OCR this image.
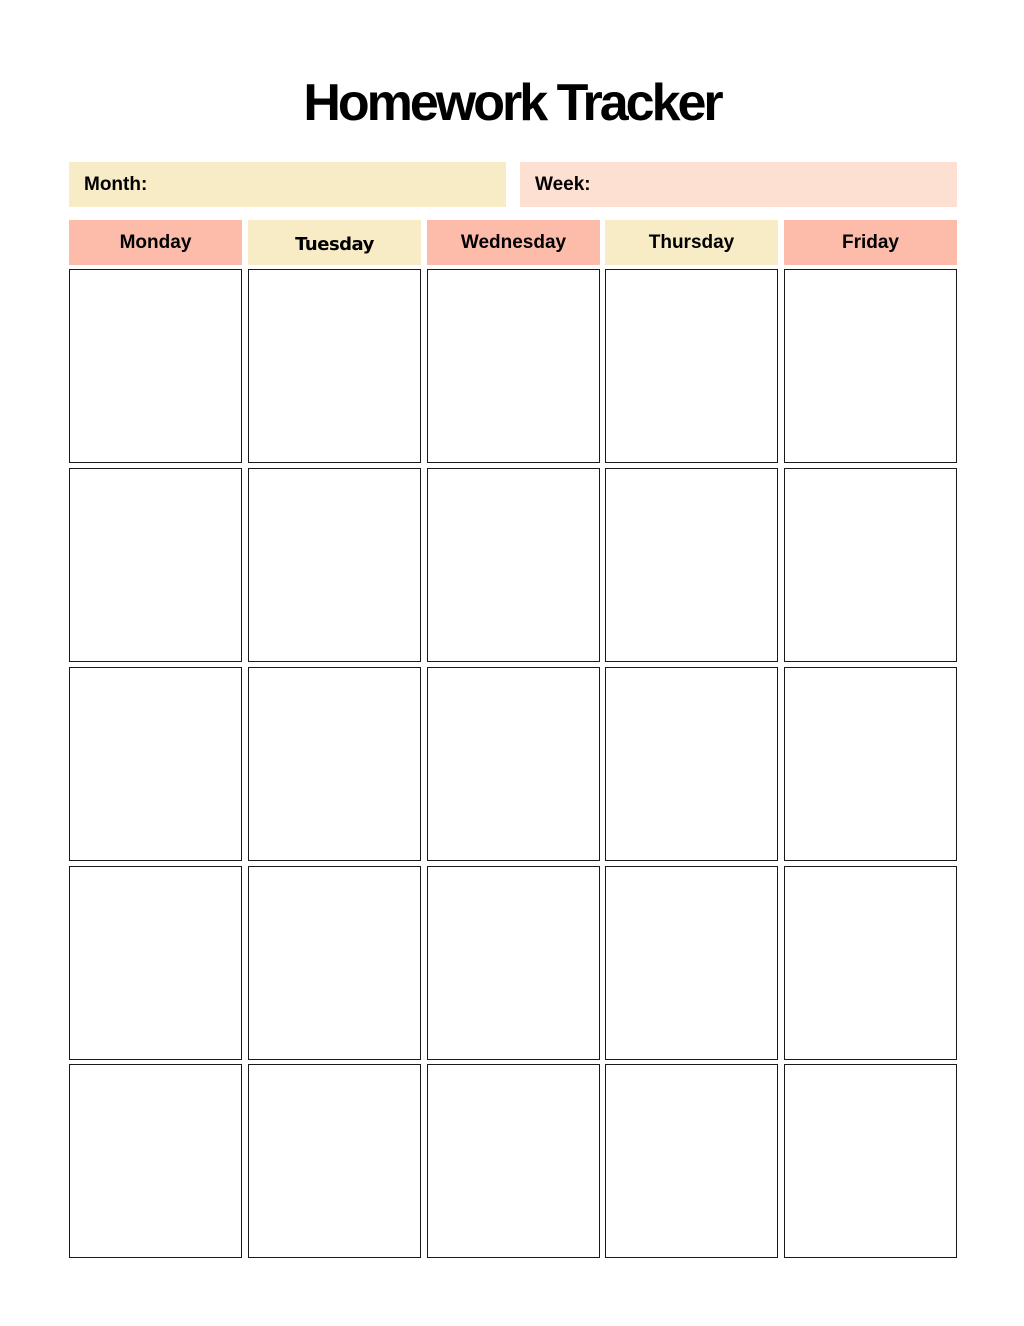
Homework Tracker
Month:	Week:
Monday	Tuesday	Wednesday	Thursday	Friday
